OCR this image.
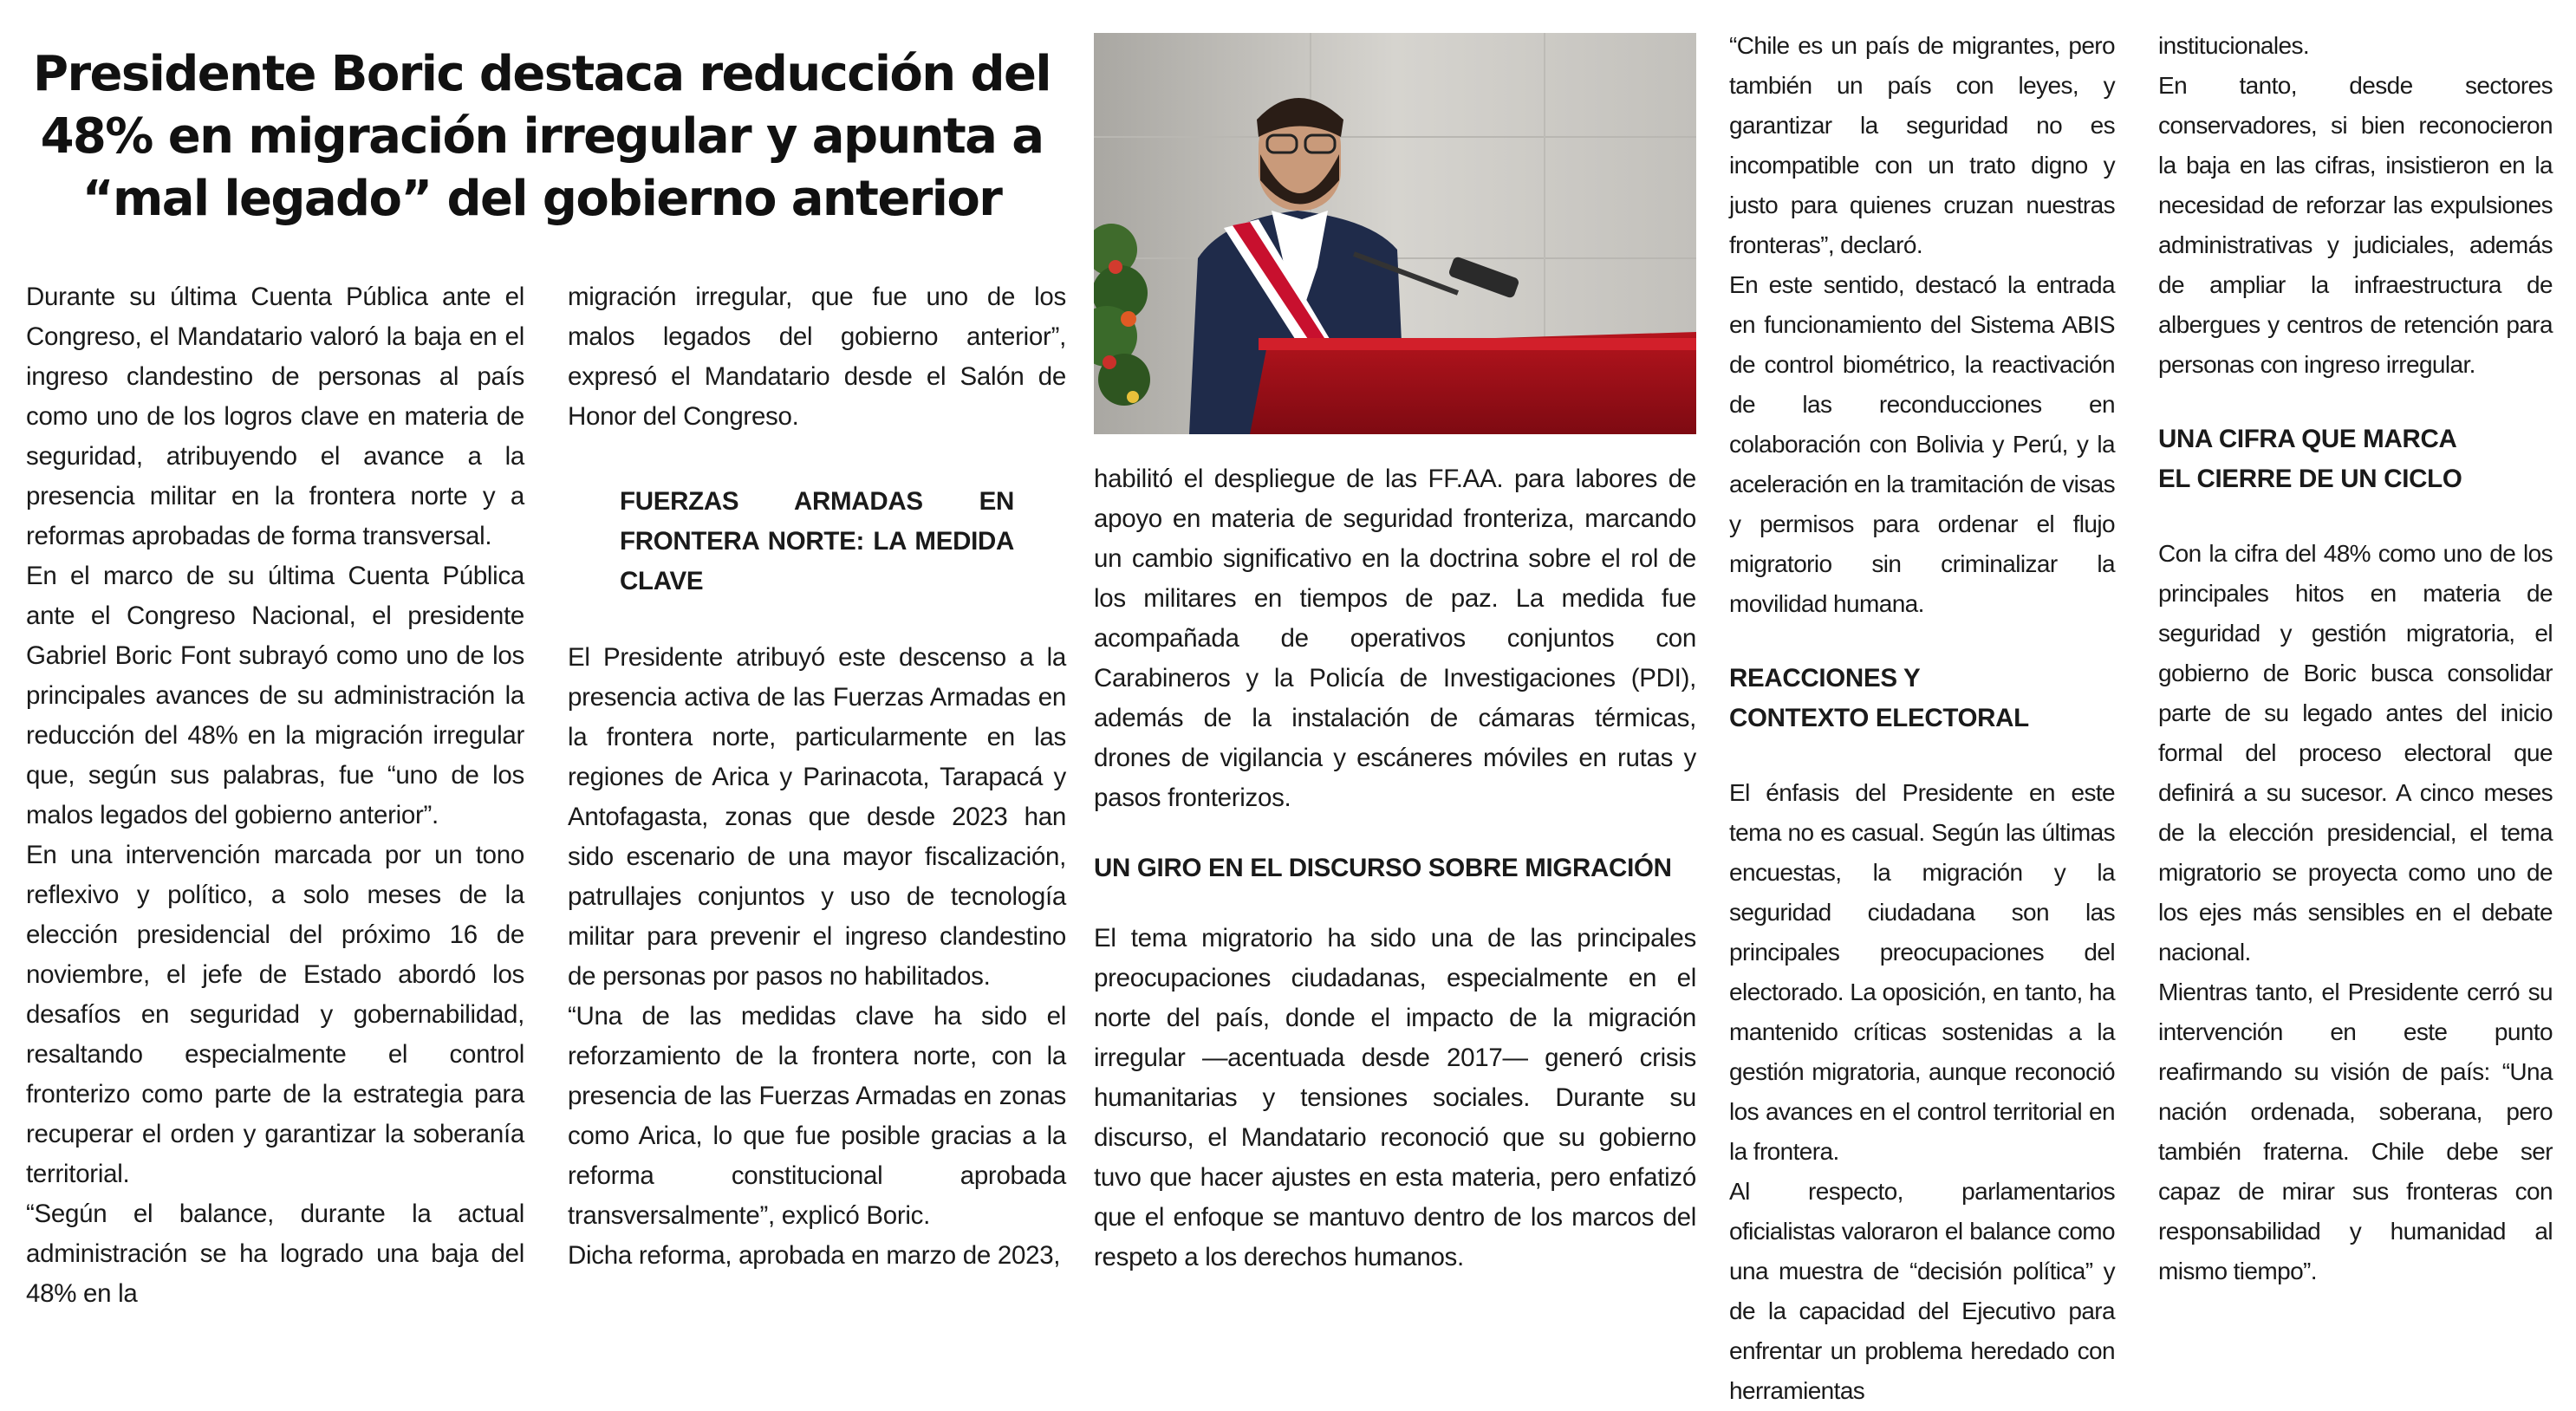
Presidente Boric destaca reducción del 48% en migración irregular y apunta a “mal legado” del gobierno anterior

Durante su última Cuenta Pública ante el Congreso, el Mandatario valoró la baja en el ingreso clandestino de personas al país como uno de los logros clave en materia de seguridad, atribuyendo el avance a la presencia militar en la frontera norte y a reformas aprobadas de forma transversal.

En el marco de su última Cuenta Pública ante el Congreso Nacional, el presidente Gabriel Boric Font subrayó como uno de los principales avances de su administración la reducción del 48% en la migración irregular que, según sus palabras, fue “uno de los malos legados del gobierno anterior”.

En una intervención marcada por un tono reflexivo y político, a solo meses de la elección presidencial del próximo 16 de noviembre, el jefe de Estado abordó los desafíos en seguridad y gobernabilidad, resaltando especialmente el control fronterizo como parte de la estrategia para recuperar el orden y garantizar la soberanía territorial.

“Según el balance, durante la actual administración se ha logrado una baja del 48% en la

migración irregular, que fue uno de los malos legados del gobierno anterior”, expresó el Mandatario desde el Salón de Honor del Congreso.

FUERZAS ARMADAS EN FRONTERA NORTE: LA MEDIDA CLAVE

El Presidente atribuyó este descenso a la presencia activa de las Fuerzas Armadas en la frontera norte, particularmente en las regiones de Arica y Parinacota, Tarapacá y Antofagasta, zonas que desde 2023 han sido escenario de una mayor fiscalización, patrullajes conjuntos y uso de tecnología militar para prevenir el ingreso clandestino de personas por pasos no habilitados.

“Una de las medidas clave ha sido el reforzamiento de la frontera norte, con la presencia de las Fuerzas Armadas en zonas como Arica, lo que fue posible gracias a la reforma constitucional aprobada transversalmente”, explicó Boric.

Dicha reforma, aprobada en marzo de 2023,

habilitó el despliegue de las FF.AA. para labores de apoyo en materia de seguridad fronteriza, marcando un cambio significativo en la doctrina sobre el rol de los militares en tiempos de paz. La medida fue acompañada de operativos conjuntos con Carabineros y la Policía de Investigaciones (PDI), además de la instalación de cámaras térmicas, drones de vigilancia y escáneres móviles en rutas y pasos fronterizos.

UN GIRO EN EL DISCURSO SOBRE MIGRACIÓN

El tema migratorio ha sido una de las principales preocupaciones ciudadanas, especialmente en el norte del país, donde el impacto de la migración irregular —acentuada desde 2017— generó crisis humanitarias y tensiones sociales. Durante su discurso, el Mandatario reconoció que su gobierno tuvo que hacer ajustes en esta materia, pero enfatizó que el enfoque se mantuvo dentro de los marcos del respeto a los derechos humanos.

“Chile es un país de migrantes, pero también un país con leyes, y garantizar la seguridad no es incompatible con un trato digno y justo para quienes cruzan nuestras fronteras”, declaró.

En este sentido, destacó la entrada en funcionamiento del Sistema ABIS de control biométrico, la reactivación de las reconducciones en colaboración con Bolivia y Perú, y la aceleración en la tramitación de visas y permisos para ordenar el flujo migratorio sin criminalizar la movilidad humana.

REACCIONES Y

CONTEXTO ELECTORAL

El énfasis del Presidente en este tema no es casual. Según las últimas encuestas, la migración y la seguridad ciudadana son las principales preocupaciones del electorado. La oposición, en tanto, ha mantenido críticas sostenidas a la gestión migratoria, aunque reconoció los avances en el control territorial en la frontera.

Al respecto, parlamentarios oficialistas valoraron el balance como una muestra de “decisión política” y de la capacidad del Ejecutivo para enfrentar un problema heredado con herramientas

institucionales.

En tanto, desde sectores conservadores, si bien reconocieron la baja en las cifras, insistieron en la necesidad de reforzar las expulsiones administrativas y judiciales, además de ampliar la infraestructura de albergues y centros de retención para personas con ingreso irregular.

UNA CIFRA QUE MARCA

EL CIERRE DE UN CICLO

Con la cifra del 48% como uno de los principales hitos en materia de seguridad y gestión migratoria, el gobierno de Boric busca consolidar parte de su legado antes del inicio formal del proceso electoral que definirá a su sucesor. A cinco meses de la elección presidencial, el tema migratorio se proyecta como uno de los ejes más sensibles en el debate nacional.

Mientras tanto, el Presidente cerró su intervención en este punto reafirmando su visión de país: “Una nación ordenada, soberana, pero también fraterna. Chile debe ser capaz de mirar sus fronteras con responsabilidad y humanidad al mismo tiempo”.
